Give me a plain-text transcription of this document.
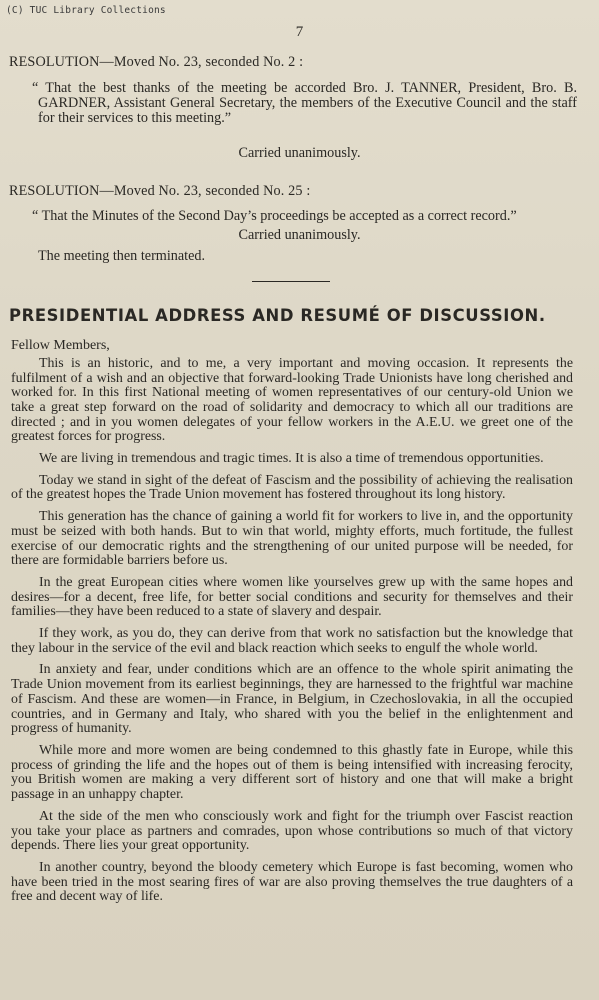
(C) TUC Library Collections
7

RESOLUTION—Moved No. 23, seconded No. 2 :

“ That the best thanks of the meeting be accorded Bro. J. TANNER, President, Bro. B. GARDNER, Assistant General Secretary, the members of the Executive Council and the staff for their services to this meeting.”

Carried unanimously.

RESOLUTION—Moved No. 23, seconded No. 25 :

“ That the Minutes of the Second Day’s proceedings be accepted as a correct record.”

Carried unanimously.

The meeting then terminated.

PRESIDENTIAL ADDRESS AND RESUMÉ OF DISCUSSION.

Fellow Members,

This is an historic, and to me, a very important and moving occasion. It represents the fulfilment of a wish and an objective that forward-looking Trade Unionists have long cherished and worked for. In this first National meeting of women representatives of our century-old Union we take a great step forward on the road of solidarity and democracy to which all our traditions are directed ; and in you women delegates of your fellow workers in the A.E.U. we greet one of the greatest forces for progress.

We are living in tremendous and tragic times. It is also a time of tremendous opportunities.

Today we stand in sight of the defeat of Fascism and the possibility of achieving the realisation of the greatest hopes the Trade Union movement has fostered throughout its long history.

This generation has the chance of gaining a world fit for workers to live in, and the opportunity must be seized with both hands. But to win that world, mighty efforts, much fortitude, the fullest exercise of our democratic rights and the strengthening of our united purpose will be needed, for there are formidable barriers before us.

In the great European cities where women like yourselves grew up with the same hopes and desires—for a decent, free life, for better social conditions and security for themselves and their families—they have been reduced to a state of slavery and despair.

If they work, as you do, they can derive from that work no satisfaction but the knowledge that they labour in the service of the evil and black reaction which seeks to engulf the whole world.

In anxiety and fear, under conditions which are an offence to the whole spirit animating the Trade Union movement from its earliest beginnings, they are harnessed to the frightful war machine of Fascism. And these are women—in France, in Belgium, in Czechoslovakia, in all the occupied countries, and in Germany and Italy, who shared with you the belief in the enlightenment and progress of humanity.

While more and more women are being condemned to this ghastly fate in Europe, while this process of grinding the life and the hopes out of them is being intensified with increasing ferocity, you British women are making a very different sort of history and one that will make a bright passage in an unhappy chapter.

At the side of the men who consciously work and fight for the triumph over Fascist reaction you take your place as partners and comrades, upon whose contributions so much of that victory depends. There lies your great opportunity.

In another country, beyond the bloody cemetery which Europe is fast becoming, women who have been tried in the most searing fires of war are also proving themselves the true daughters of a free and decent way of life.
